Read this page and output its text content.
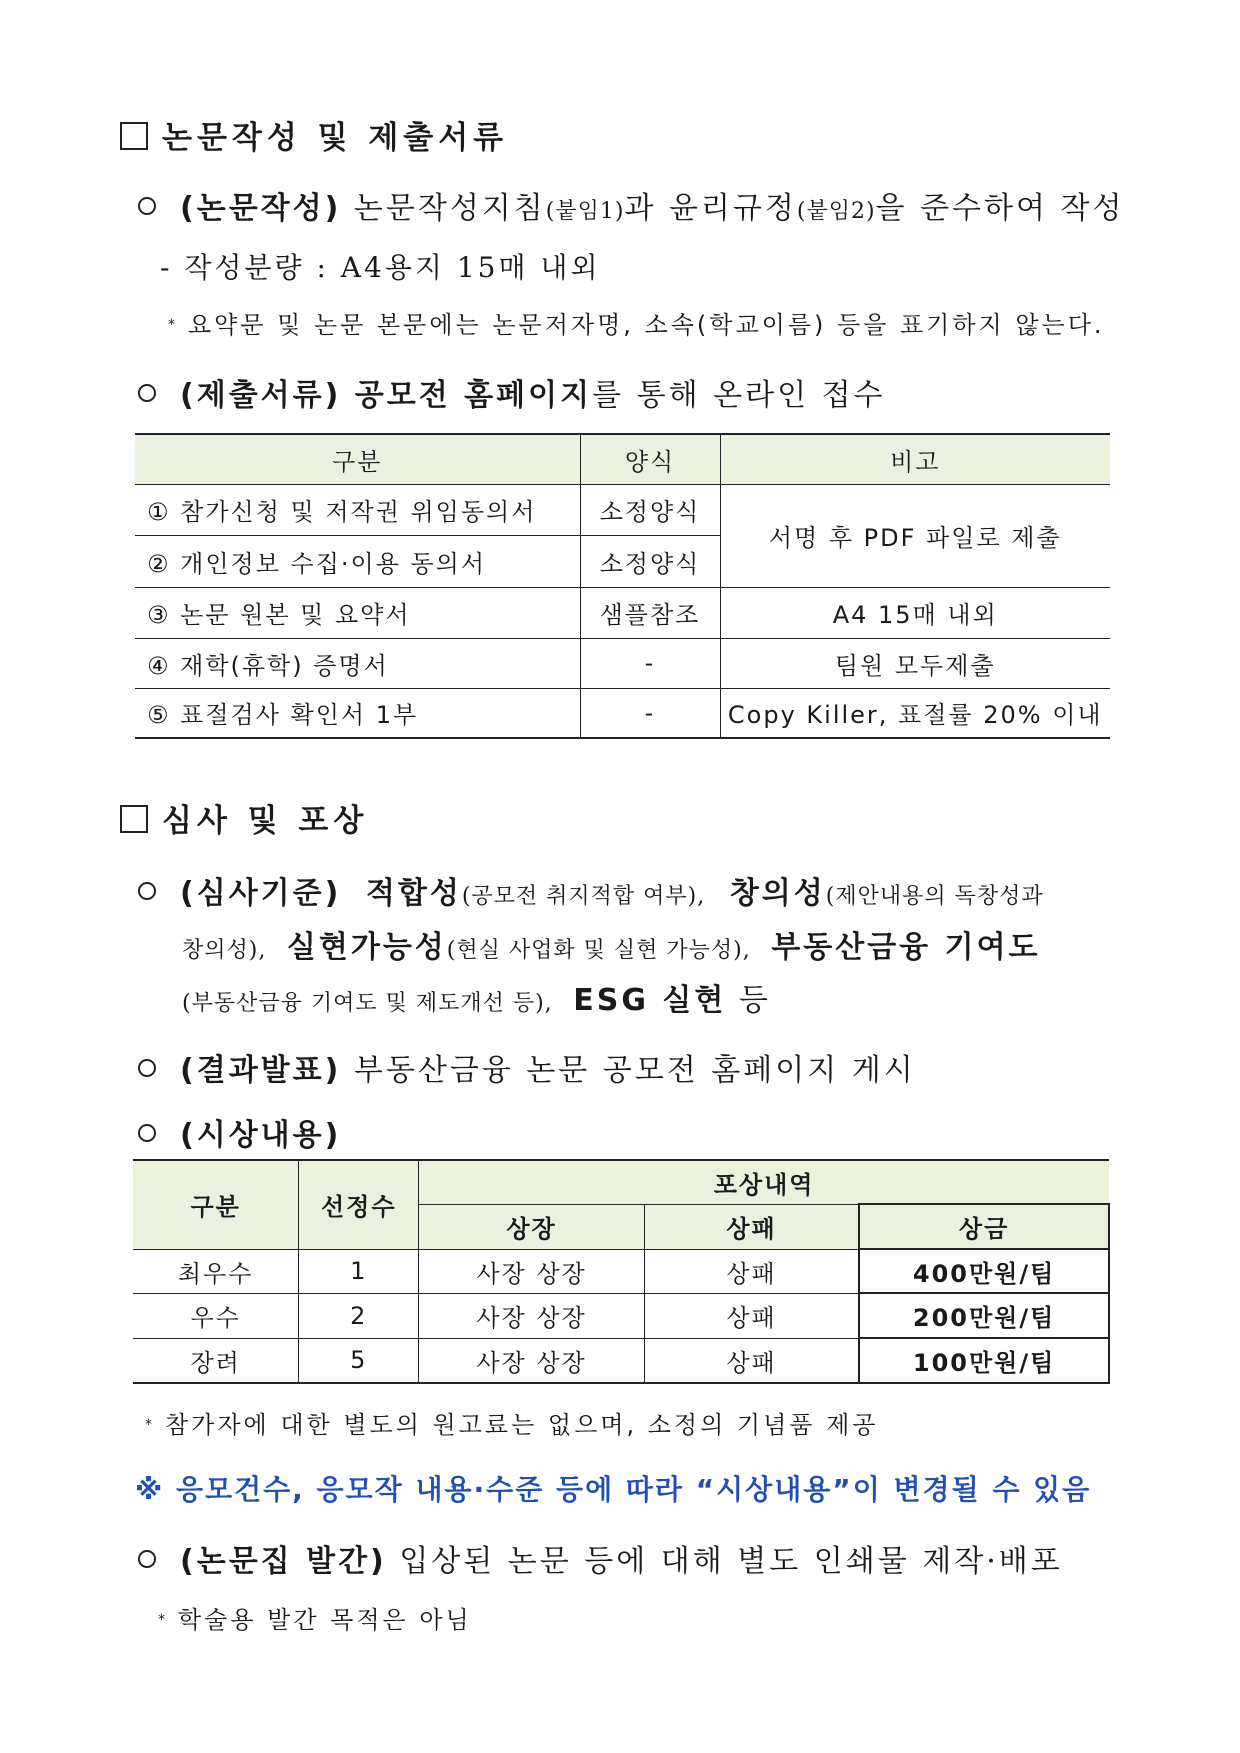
논문작성 및 제출서류
(논문작성) 논문작성지침(붙임1)과 윤리규정(붙임2)을 준수하여 작성
- 작성분량 : A4용지 15매 내외
* 요약문 및 논문 본문에는 논문저자명, 소속(학교이름) 등을 표기하지 않는다.
(제출서류) 공모전 홈페이지를 통해 온라인 접수
구분	양식	비고
① 참가신청 및 저작권 위임동의서	소정양식	서명 후 PDF 파일로 제출
② 개인정보 수집·이용 동의서	소정양식	
③ 논문 원본 및 요약서	샘플참조	A4 15매 내외
④ 재학(휴학) 증명서	-	팀원 모두제출
⑤ 표절검사 확인서 1부	-	Copy Killer, 표절률 20% 이내
심사 및 포상
(심사기준) 적합성(공모전 취지적합 여부), 창의성(제안내용의 독창성과
창의성), 실현가능성(현실 사업화 및 실현 가능성), 부동산금융 기여도
(부동산금융 기여도 및 제도개선 등), ESG 실현 등
(결과발표) 부동산금융 논문 공모전 홈페이지 게시
(시상내용)
구분	선정수	포상내역		
		상장	상패	상금
최우수	1	사장 상장	상패	400만원/팀
우수	2	사장 상장	상패	200만원/팀
장려	5	사장 상장	상패	100만원/팀
* 참가자에 대한 별도의 원고료는 없으며, 소정의 기념품 제공
※ 응모건수, 응모작 내용·수준 등에 따라 “시상내용”이 변경될 수 있음
(논문집 발간) 입상된 논문 등에 대해 별도 인쇄물 제작·배포
* 학술용 발간 목적은 아님
